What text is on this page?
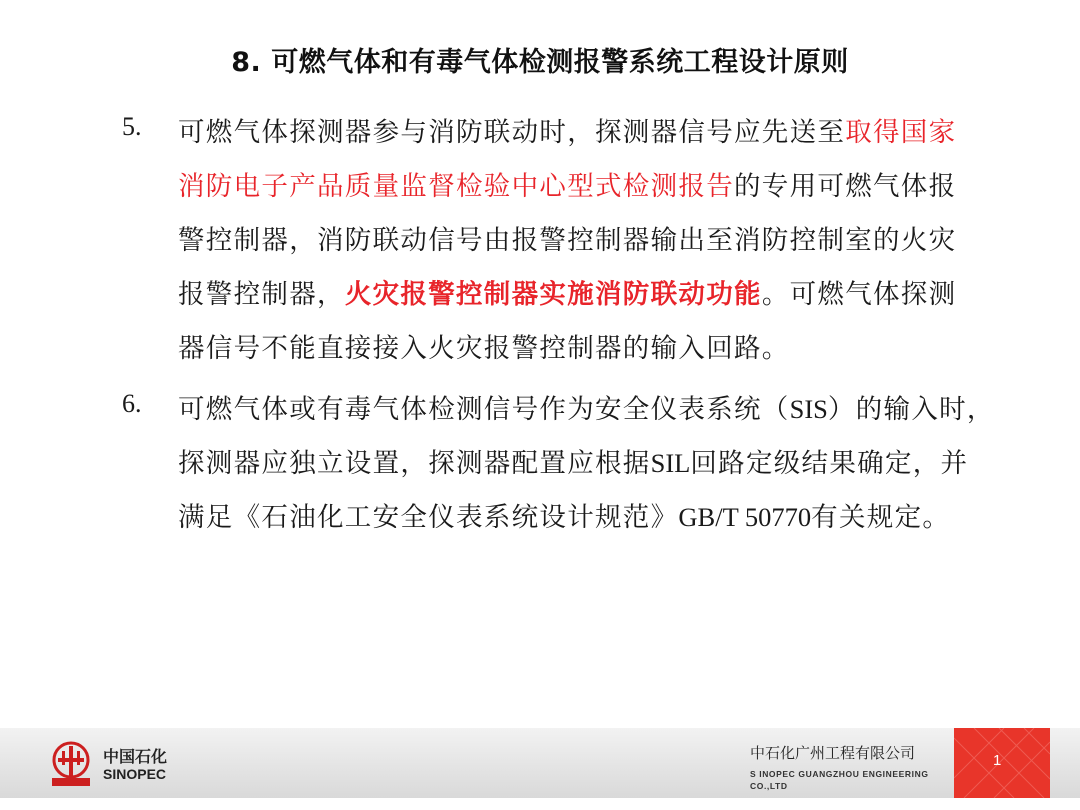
8. 可燃气体和有毒气体检测报警系统工程设计原则
5. 可燃气体探测器参与消防联动时，探测器信号应先送至取得国家
消防电子产品质量监督检验中心型式检测报告的专用可燃气体报
警控制器，消防联动信号由报警控制器输出至消防控制室的火灾
报警控制器，火灾报警控制器实施消防联动功能。可燃气体探测
器信号不能直接接入火灾报警控制器的输入回路。
6. 可燃气体或有毒气体检测信号作为安全仪表系统（SIS）的输入时，
探测器应独立设置，探测器配置应根据SIL回路定级结果确定，并
满足《石油化工安全仪表系统设计规范》GB/T 50770有关规定。
中国石化
SINOPEC
中石化广州工程有限公司
S INOPEC GUANGZHOU ENGINEERING
CO.,LTD
1
